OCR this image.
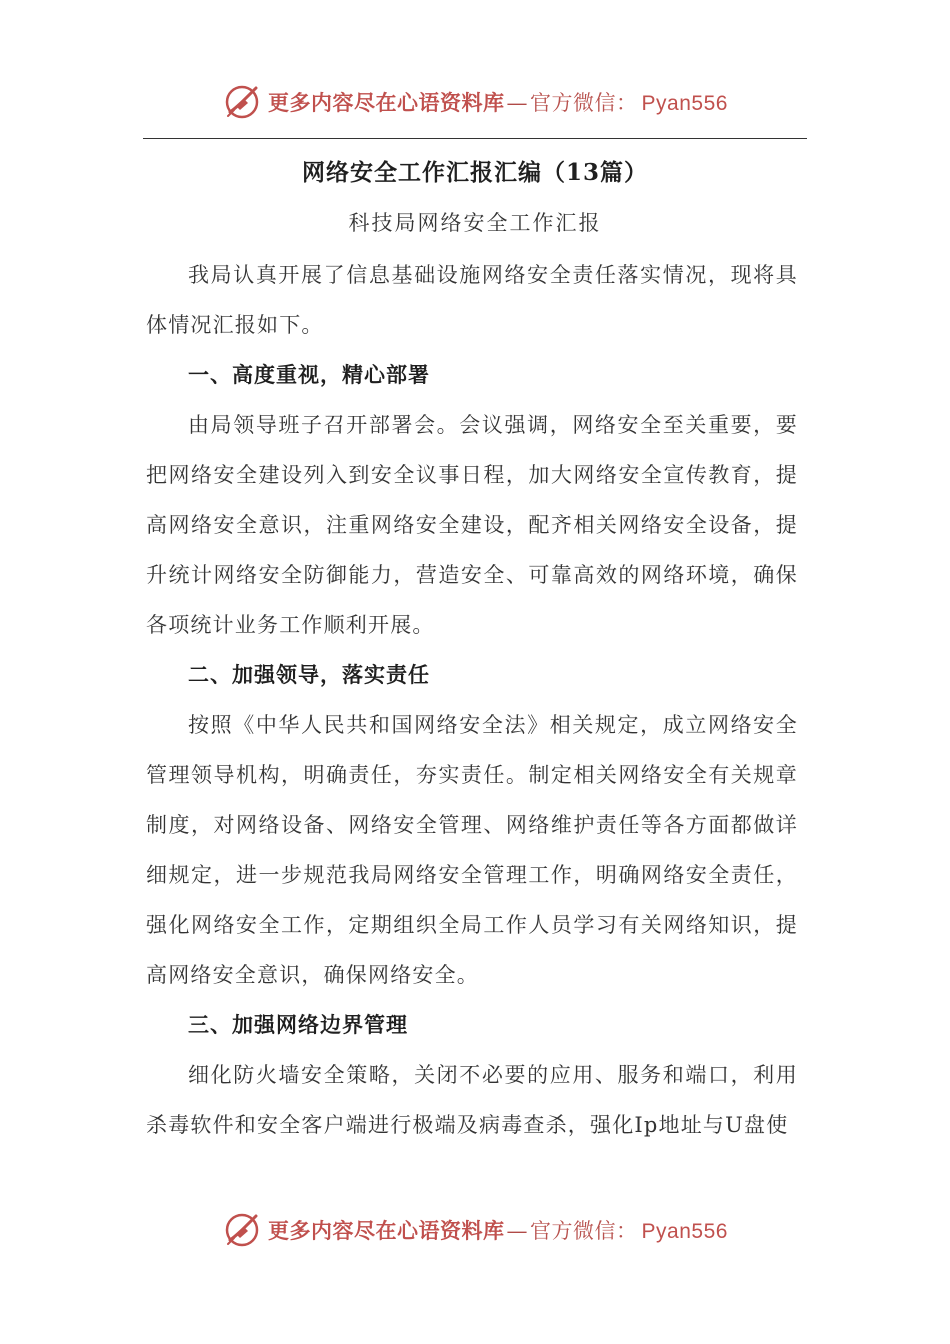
更多内容尽在心语资料库 — 官方微信： Pyan556
网络安全工作汇报汇编（13篇）
科技局网络安全工作汇报

我局认真开展了信息基础设施网络安全责任落实情况，现将具体情况汇报如下。

一、高度重视，精心部署

由局领导班子召开部署会。会议强调，网络安全至关重要，要把网络安全建设列入到安全议事日程，加大网络安全宣传教育，提高网络安全意识，注重网络安全建设，配齐相关网络安全设备，提升统计网络安全防御能力，营造安全、可靠高效的网络环境，确保各项统计业务工作顺利开展。

二、加强领导，落实责任

按照《中华人民共和国网络安全法》相关规定，成立网络安全管理领导机构，明确责任，夯实责任。制定相关网络安全有关规章制度，对网络设备、网络安全管理、网络维护责任等各方面都做详细规定，进一步规范我局网络安全管理工作，明确网络安全责任，强化网络安全工作，定期组织全局工作人员学习有关网络知识，提高网络安全意识，确保网络安全。

三、加强网络边界管理

细化防火墙安全策略，关闭不必要的应用、服务和端口，利用杀毒软件和安全客户端进行极端及病毒查杀，强化Ip地址与U盘使

更多内容尽在心语资料库 — 官方微信： Pyan556
